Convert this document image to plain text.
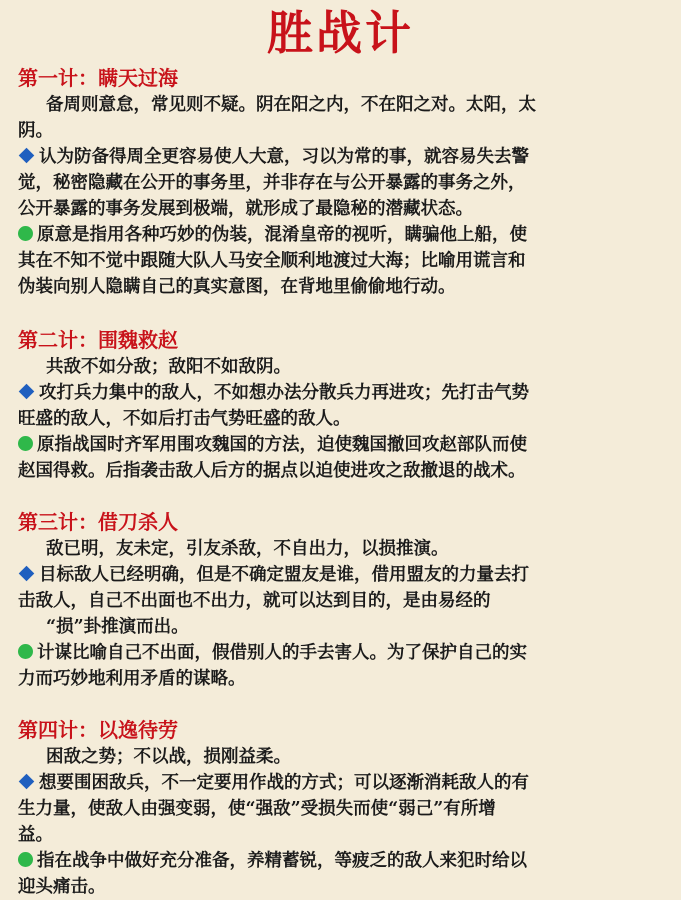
胜战计
第一计：瞒天过海
备周则意怠，常见则不疑。阴在阳之内，不在阳之对。太阳，太
阴。
认为防备得周全更容易使人大意，习以为常的事，就容易失去警
觉，秘密隐藏在公开的事务里，并非存在与公开暴露的事务之外，
公开暴露的事务发展到极端，就形成了最隐秘的潜藏状态。
原意是指用各种巧妙的伪装，混淆皇帝的视听，瞒骗他上船，使
其在不知不觉中跟随大队人马安全顺利地渡过大海；比喻用谎言和
伪装向别人隐瞒自己的真实意图，在背地里偷偷地行动。
第二计：围魏救赵
共敌不如分敌；敌阳不如敌阴。
攻打兵力集中的敌人，不如想办法分散兵力再进攻；先打击气势
旺盛的敌人，不如后打击气势旺盛的敌人。
原指战国时齐军用围攻魏国的方法，迫使魏国撤回攻赵部队而使
赵国得救。后指袭击敌人后方的据点以迫使进攻之敌撤退的战术。
第三计：借刀杀人
敌已明，友未定，引友杀敌，不自出力，以损推演。
目标敌人已经明确，但是不确定盟友是谁，借用盟友的力量去打
击敌人，自己不出面也不出力，就可以达到目的，是由易经的
“损”卦推演而出。
计谋比喻自己不出面，假借别人的手去害人。为了保护自己的实
力而巧妙地利用矛盾的谋略。
第四计：以逸待劳
困敌之势；不以战，损刚益柔。
想要围困敌兵，不一定要用作战的方式；可以逐渐消耗敌人的有
生力量，使敌人由强变弱，使“强敌”受损失而使“弱己”有所增
益。
指在战争中做好充分准备，养精蓄锐，等疲乏的敌人来犯时给以
迎头痛击。
